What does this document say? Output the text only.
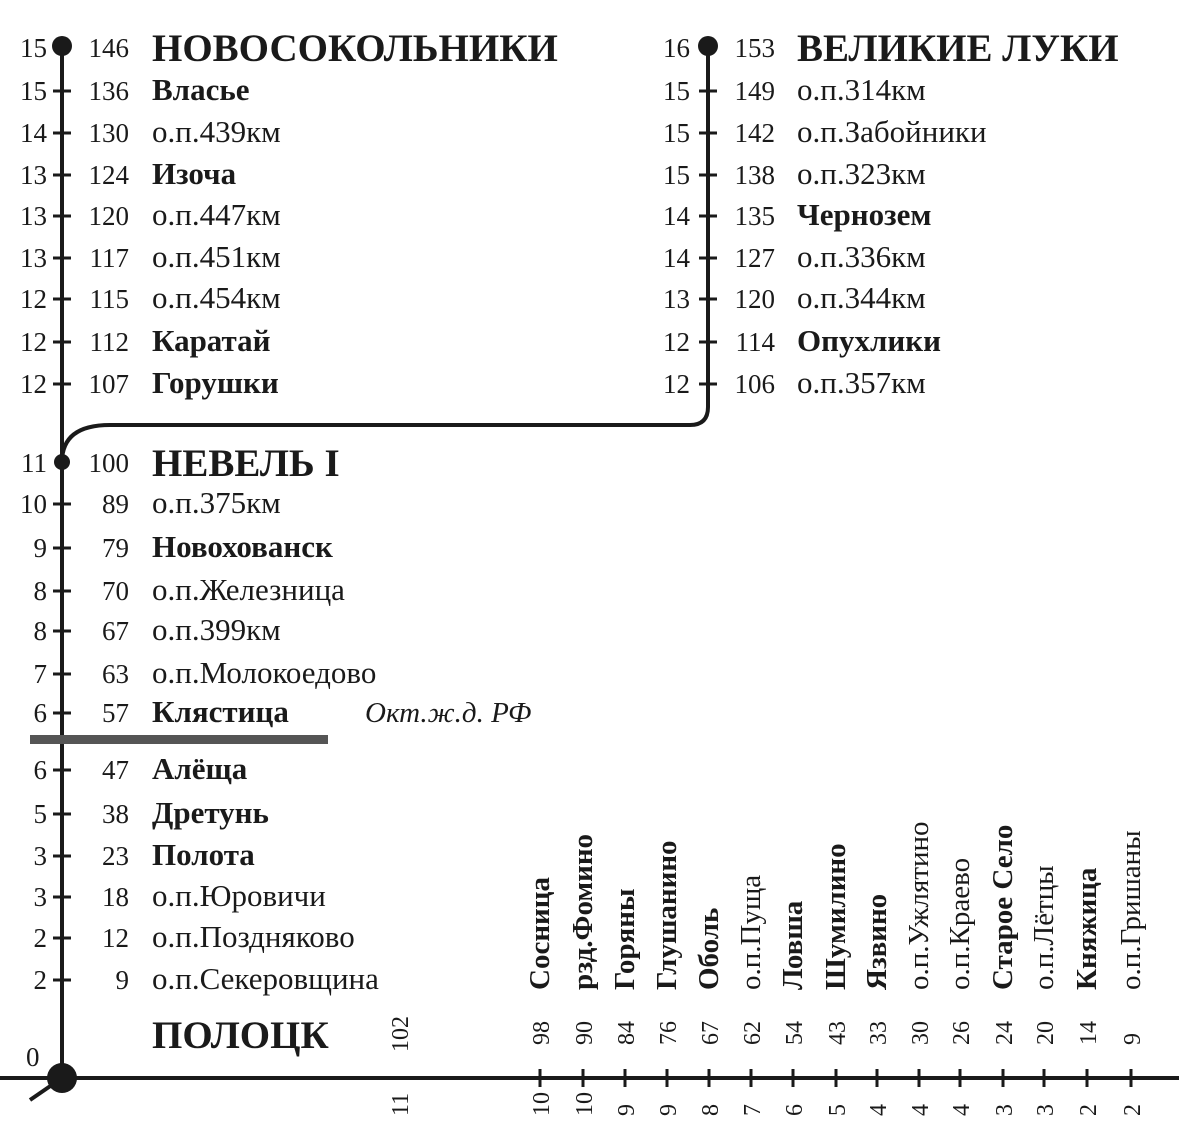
15 146 НОВОСОКОЛЬНИКИ
15 136 Власье
14 130 о.п.439км
13 124 Изоча
13 120 о.п.447км
13 117 о.п.451км
12 115 о.п.454км
12 112 Каратай
12 107 Горушки
16 153 ВЕЛИКИЕ ЛУКИ
15 149 о.п.314км
15 142 о.п.Забойники
15 138 о.п.323км
14 135 Чернозем
14 127 о.п.336км
13 120 о.п.344км
12 114 Опухлики
12 106 о.п.357км
11 100 НЕВЕЛЬ I
10 89 о.п.375км
9 79 Новохованск
8 70 о.п.Железница
8 67 о.п.399км
7 63 о.п.Молокоедово
6 57 Клястица
6 47 Алёща
5 38 Дретунь
3 23 Полота
3 18 о.п.Юровичи
2 12 о.п.Поздняково
2	9 о.п.Секеровщина
102
11
Сосница
98
10
рзд.Фомино
90
10
Горяны
84
9
Глушанино
76
9
Оболь
67
8
о.п.Пуща
62
7
Ловша
54
6
Шумилино
43
5
Язвино
33
4
о.п.Ужлятино
30
4
о.п.Краево
26
4
Старое Село
24
3
о.п.Лётцы
20
3
Княжица
14
2
о.п.Гришаны
9
2
Окт.ж.д. РФ
0	ПОЛОЦК
